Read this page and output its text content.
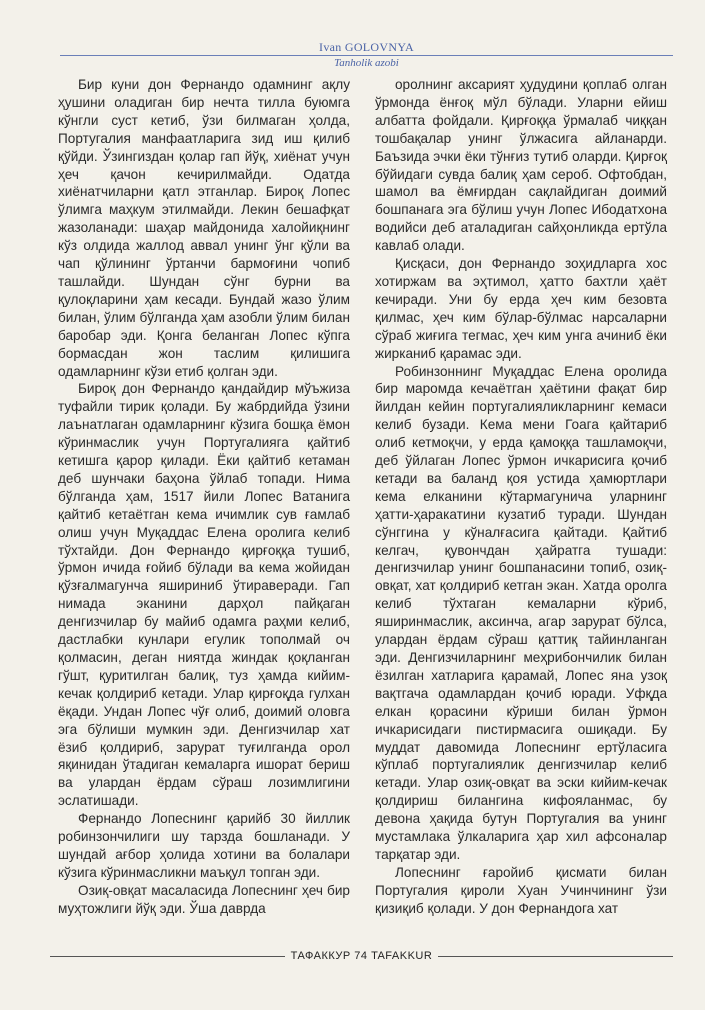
Ivan GOLOVNYA
Tanholik azobi

Бир куни дон Фернандо одамнинг ақлу ҳушини оладиган бир нечта тилла буюмга кўнгли суст кетиб, ўзи билмаган ҳолда, Португалия манфаатларига зид иш қилиб қўйди. Ўзингиздан қолар гап йўқ, хиёнат учун ҳеч қачон кечирилмайди. Одатда хиёнатчиларни қатл этганлар. Бироқ Лопес ўлимга маҳкум этилмайди. Лекин бешафқат жазоланади: шаҳар майдонида халойиқнинг кўз олдида жаллод аввал унинг ўнг қўли ва чап қўлининг ўртанчи бармоғини чопиб ташлайди. Шундан сўнг бурни ва қулоқларини ҳам кесади. Бундай жазо ўлим билан, ўлим бўлганда ҳам азобли ўлим билан баробар эди. Қонга беланган Лопес кўпга бормасдан жон таслим қилишига одамларнинг кўзи етиб қолган эди.

Бироқ дон Фернандо қандайдир мўъжиза туфайли тирик қолади. Бу жабрдийда ўзини лаънатлаган одамларнинг кўзига бошқа ёмон кўринмаслик учун Португалияга қайтиб кетишга қарор қилади. Ёки қайтиб кетаман деб шунчаки баҳона ўйлаб топади. Нима бўлганда ҳам, 1517 йили Лопес Ватанига қайтиб кетаётган кема ичимлик сув ғамлаб олиш учун Муқаддас Елена оролига келиб тўхтайди. Дон Фернандо қирғоққа тушиб, ўрмон ичида ғойиб бўлади ва кема жойидан қўзғалмагунча яшириниб ўтиравeради. Гап нимада эканини дарҳол пайқаган денгизчилар бу майиб одамга раҳми келиб, дастлабки кунлари егулик тополмай оч қолмасин, деган ниятда жиндак қоқланган гўшт, қуритилган балиқ, туз ҳамда кийим-кечак қолдириб кетади. Улар қирғоқда гулхан ёқади. Ундан Лопес чўғ олиб, доимий оловга эга бўлиши мумкин эди. Денгизчилар хат ёзиб қолдириб, зарурат туғилганда орол яқинидан ўтадиган кемаларга ишорат бериш ва улардан ёрдам сўраш лозимлигини эслатишади.

Фернандо Лопеснинг қарийб 30 йиллик робинзончилиги шу тарзда бошланади. У шундай ағбор ҳолида хотини ва болалари кўзига кўринмасликни маъқул топган эди.

Озиқ-овқат масаласида Лопеснинг ҳеч бир муҳтожлиги йўқ эди. Ўша даврда

оролнинг аксарият ҳудудини қоплаб олган ўрмонда ёнғоқ мўл бўлади. Уларни ейиш албатта фойдали. Қирғоққа ўрмалаб чиққан тошбақалар унинг ўлжасига айланарди. Баъзида эчки ёки тўнғиз тутиб оларди. Қирғоқ бўйидаги сувда балиқ ҳам сероб. Офтобдан, шамол ва ёмғирдан сақлайдиган доимий бошпанага эга бўлиш учун Лопес Ибодатхона водийси деб аталадиган сайҳонликда ертўла кавлаб олади.

Қисқаси, дон Фернандо зоҳидларга хос хотиржам ва эҳтимол, ҳатто бахтли ҳаёт кечиради. Уни бу ерда ҳеч ким безовта қилмас, ҳеч ким бўлар-бўлмас нарсаларни сўраб жиғига тегмас, ҳеч ким унга ачиниб ёки жирканиб қарамас эди.

Робинзоннинг Муқаддас Елена оролида бир маромда кечаётган ҳаётини фақат бир йилдан кейин португалияликларнинг кемаси келиб бузади. Кема мени Гоага қайтариб олиб кетмоқчи, у ерда қамоққа ташламоқчи, деб ўйлаган Лопес ўрмон ичкарисига қочиб кетади ва баланд қоя устида ҳамюртлари кема елканини кўтармагунича уларнинг ҳатти-ҳаракатини кузатиб туради. Шундан сўнггина у кўналғасига қайтади. Қайтиб келгач, қувончдан ҳайратга тушади: денгизчилар унинг бошпанасини топиб, озиқ-овқат, хат қолдириб кетган экан. Хатда оролга келиб тўхтаган кемаларни кўриб, яширинмаслик, аксинча, агар зарурат бўлса, улардан ёрдам сўраш қаттиқ тайинланган эди. Денгизчиларнинг меҳрибончилик билан ёзилган хатларига қарамай, Лопес яна узоқ вақтгача одамлардан қочиб юради. Уфқда елкан қорасини кўриши билан ўрмон ичкарисидаги пистирмасига ошиқади. Бу муддат давомида Лопеснинг ертўласига кўплаб португалиялик денгизчилар келиб кетади. Улар озиқ-овқат ва эски кийим-кечак қолдириш билангина кифояланмас, бу девона ҳақида бутун Португалия ва унинг мустамлака ўлкаларига ҳар хил афсоналар тарқатар эди.

Лопеснинг ғаройиб қисмати билан Португалия қироли Хуан Учинчининг ўзи қизиқиб қолади. У дон Фернандога хат

ТАФАККУР 74 TAFAKKUR
